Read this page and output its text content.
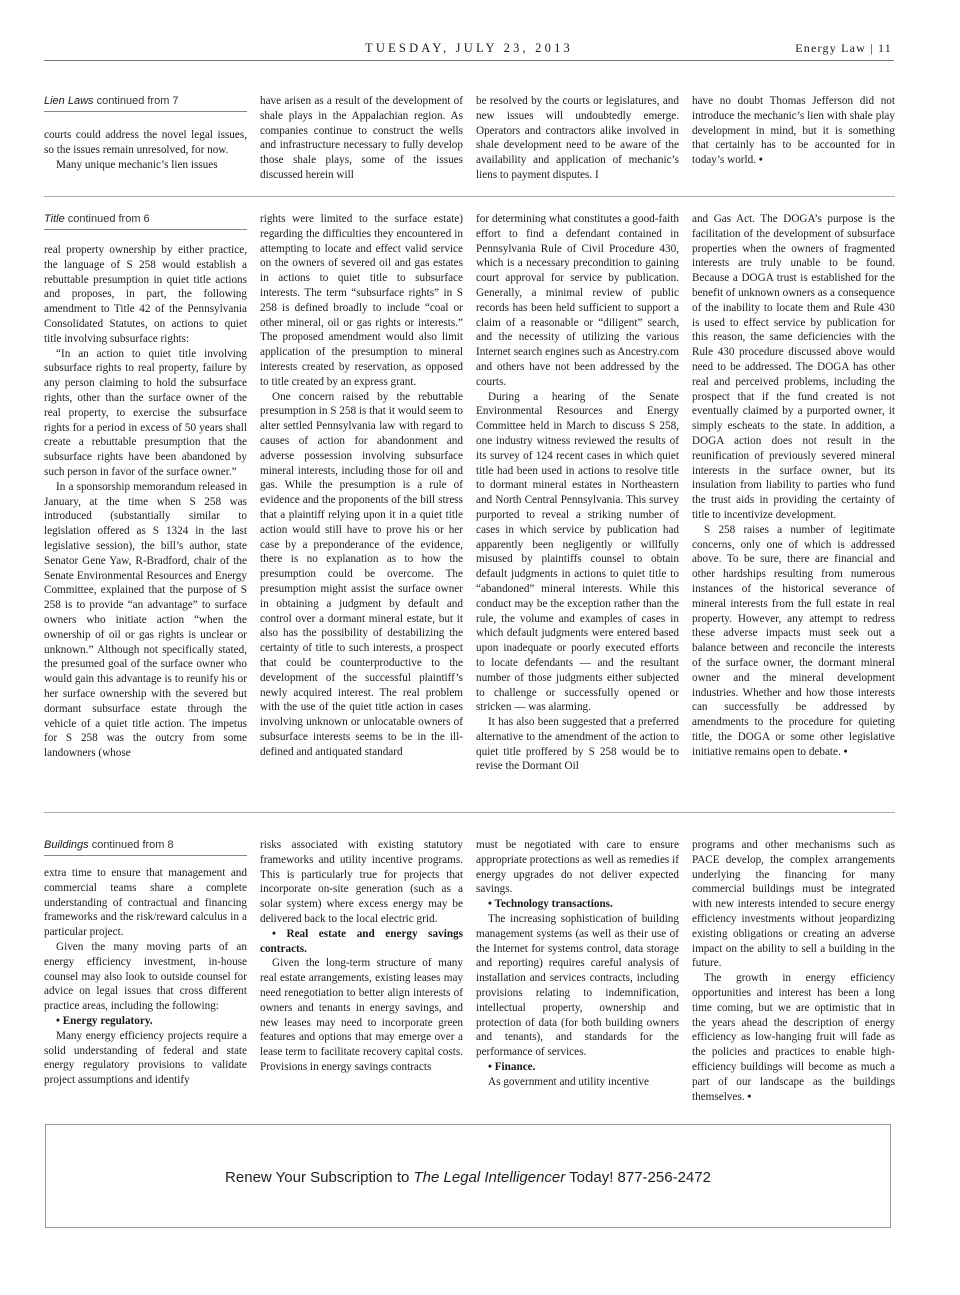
TUESDAY, JULY 23, 2013	Energy Law | 11
Lien Laws continued from 7

courts could address the novel legal issues, so the issues remain unresolved, for now.

Many unique mechanic’s lien issues

have arisen as a result of the development of shale plays in the Appalachian region. As companies continue to construct the wells and infrastructure necessary to fully develop those shale plays, some of the issues discussed herein will

be resolved by the courts or legislatures, and new issues will undoubtedly emerge. Operators and contractors alike involved in shale development need to be aware of the availability and application of mechanic’s liens to payment disputes. I

have no doubt Thomas Jefferson did not introduce the mechanic’s lien with shale play development in mind, but it is something that certainly has to be accounted for in today’s world. •

Title continued from 6

real property ownership by either practice, the language of S 258 would establish a rebuttable presumption in quiet title actions and proposes, in part, the following amendment to Title 42 of the Pennsylvania Consolidated Statutes, on actions to quiet title involving subsurface rights:

“In an action to quiet title involving subsurface rights to real property, failure by any person claiming to hold the subsurface rights, other than the surface owner of the real property, to exercise the subsurface rights for a period in excess of 50 years shall create a rebuttable presumption that the subsurface rights have been abandoned by such person in favor of the surface owner.”

In a sponsorship memorandum released in January, at the time when S 258 was introduced (substantially similar to legislation offered as S 1324 in the last legislative session), the bill’s author, state Senator Gene Yaw, R-Bradford, chair of the Senate Environmental Resources and Energy Committee, explained that the purpose of S 258 is to provide “an advantage” to surface owners who initiate action “when the ownership of oil or gas rights is unclear or unknown.” Although not specifically stated, the presumed goal of the surface owner who would gain this advantage is to reunify his or her surface ownership with the severed but dormant subsurface estate through the vehicle of a quiet title action. The impetus for S 258 was the outcry from some landowners (whose

rights were limited to the surface estate) regarding the difficulties they encountered in attempting to locate and effect valid service on the owners of severed oil and gas estates in actions to quiet title to subsurface interests. The term “subsurface rights” in S 258 is defined broadly to include “coal or other mineral, oil or gas rights or interests.” The proposed amendment would also limit application of the presumption to mineral interests created by reservation, as opposed to title created by an express grant.

One concern raised by the rebuttable presumption in S 258 is that it would seem to alter settled Pennsylvania law with regard to causes of action for abandonment and adverse possession involving subsurface mineral interests, including those for oil and gas. While the presumption is a rule of evidence and the proponents of the bill stress that a plaintiff relying upon it in a quiet title action would still have to prove his or her case by a preponderance of the evidence, there is no explanation as to how the presumption could be overcome. The presumption might assist the surface owner in obtaining a judgment by default and control over a dormant mineral estate, but it also has the possibility of destabilizing the certainty of title to such interests, a prospect that could be counterproductive to the development of the successful plaintiff’s newly acquired interest. The real problem with the use of the quiet title action in cases involving unknown or unlocatable owners of subsurface interests seems to be in the ill-defined and antiquated standard

for determining what constitutes a good-faith effort to find a defendant contained in Pennsylvania Rule of Civil Procedure 430, which is a necessary precondition to gaining court approval for service by publication. Generally, a minimal review of public records has been held sufficient to support a claim of a reasonable or “diligent” search, and the necessity of utilizing the various Internet search engines such as Ancestry.com and others have not been addressed by the courts.

During a hearing of the Senate Environmental Resources and Energy Committee held in March to discuss S 258, one industry witness reviewed the results of its survey of 124 recent cases in which quiet title had been used in actions to resolve title to dormant mineral estates in Northeastern and North Central Pennsylvania. This survey purported to reveal a striking number of cases in which service by publication had apparently been negligently or willfully misused by plaintiffs counsel to obtain default judgments in actions to quiet title to “abandoned” mineral interests. While this conduct may be the exception rather than the rule, the volume and examples of cases in which default judgments were entered based upon inadequate or poorly executed efforts to locate defendants — and the resultant number of those judgments either subjected to challenge or successfully opened or stricken — was alarming.

It has also been suggested that a preferred alternative to the amendment of the action to quiet title proffered by S 258 would be to revise the Dormant Oil

and Gas Act. The DOGA’s purpose is the facilitation of the development of subsurface properties when the owners of fragmented interests are truly unable to be found. Because a DOGA trust is established for the benefit of unknown owners as a consequence of the inability to locate them and Rule 430 is used to effect service by publication for this reason, the same deficiencies with the Rule 430 procedure discussed above would need to be addressed. The DOGA has other real and perceived problems, including the prospect that if the fund created is not eventually claimed by a purported owner, it simply escheats to the state. In addition, a DOGA action does not result in the reunification of previously severed mineral interests in the surface owner, but its insulation from liability to parties who fund the trust aids in providing the certainty of title to incentivize development.

S 258 raises a number of legitimate concerns, only one of which is addressed above. To be sure, there are financial and other hardships resulting from numerous instances of the historical severance of mineral interests from the full estate in real property. However, any attempt to redress these adverse impacts must seek out a balance between and reconcile the interests of the surface owner, the dormant mineral owner and the mineral development industries. Whether and how those interests can successfully be addressed by amendments to the procedure for quieting title, the DOGA or some other legislative initiative remains open to debate. •

Buildings continued from 8

extra time to ensure that management and commercial teams share a complete understanding of contractual and financing frameworks and the risk/reward calculus in a particular project.

Given the many moving parts of an energy efficiency investment, in-house counsel may also look to outside counsel for advice on legal issues that cross different practice areas, including the following:

• Energy regulatory.

Many energy efficiency projects require a solid understanding of federal and state energy regulatory provisions to validate project assumptions and identify

risks associated with existing statutory frameworks and utility incentive programs. This is particularly true for projects that incorporate on-site generation (such as a solar system) where excess energy may be delivered back to the local electric grid.

• Real estate and energy savings contracts.

Given the long-term structure of many real estate arrangements, existing leases may need renegotiation to better align interests of owners and tenants in energy savings, and new leases may need to incorporate green features and options that may emerge over a lease term to facilitate recovery capital costs. Provisions in energy savings contracts

must be negotiated with care to ensure appropriate protections as well as remedies if energy upgrades do not deliver expected savings.

• Technology transactions.

The increasing sophistication of building management systems (as well as their use of the Internet for systems control, data storage and reporting) requires careful analysis of installation and services contracts, including provisions relating to indemnification, intellectual property, ownership and protection of data (for both building owners and tenants), and standards for the performance of services.

• Finance.

As government and utility incentive

programs and other mechanisms such as PACE develop, the complex arrangements underlying the financing for many commercial buildings must be integrated with new interests intended to secure energy efficiency investments without jeopardizing existing obligations or creating an adverse impact on the ability to sell a building in the future.

The growth in energy efficiency opportunities and interest has been a long time coming, but we are optimistic that in the years ahead the description of energy efficiency as low-hanging fruit will fade as the policies and practices to enable high-efficiency buildings will become as much a part of our landscape as the buildings themselves. •

Renew Your Subscription to The Legal Intelligencer Today! 877-256-2472
